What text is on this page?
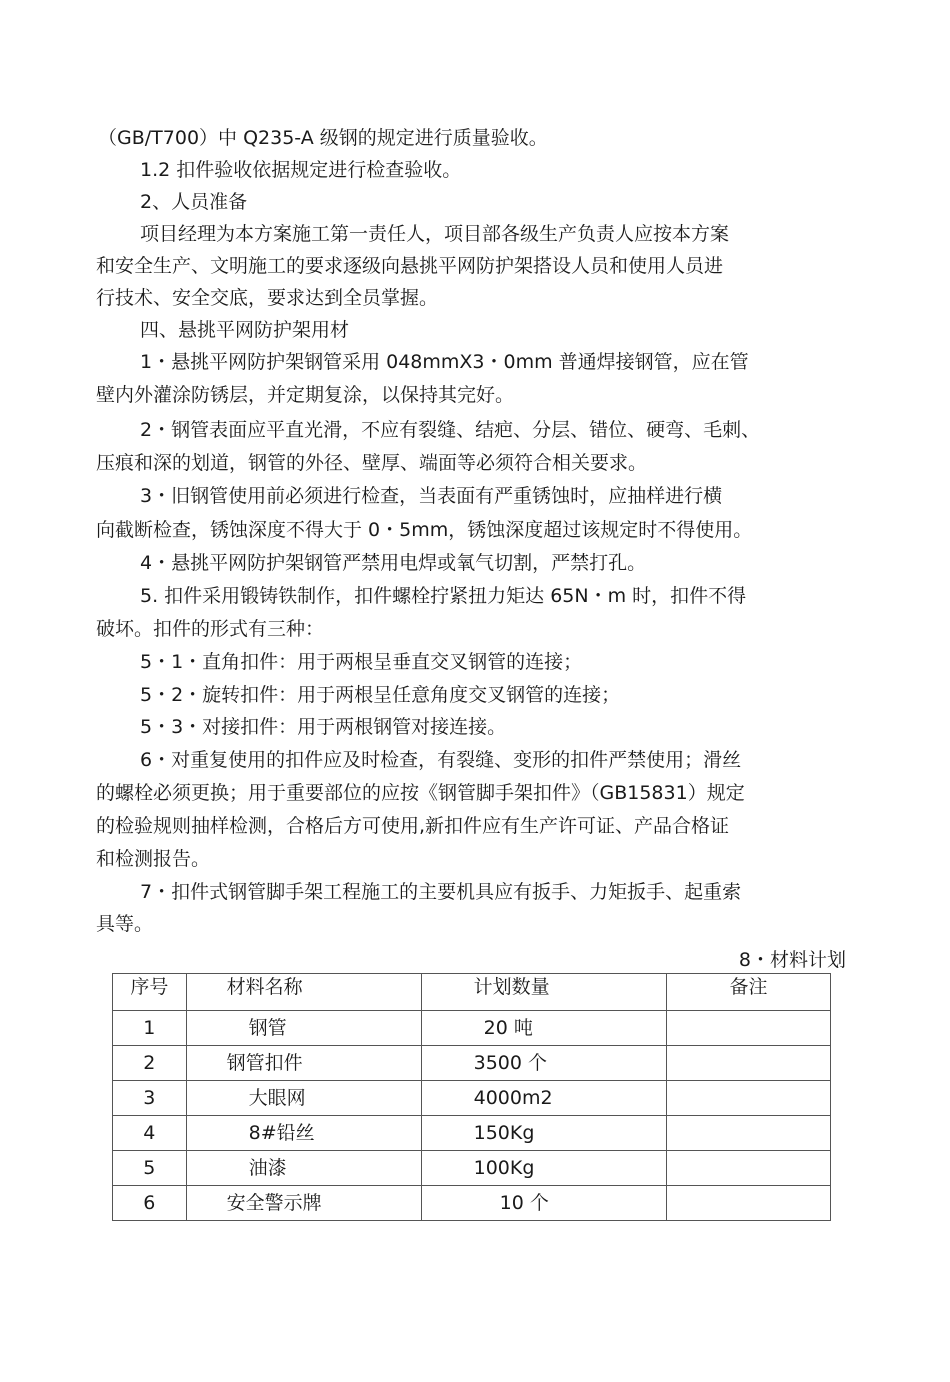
（GB/T700）中 Q235-A 级钢的规定进行质量验收。
1.2 扣件验收依据规定进行检查验收。
2、人员准备
项目经理为本方案施工第一责任人，项目部各级生产负责人应按本方案
和安全生产、文明施工的要求逐级向悬挑平网防护架搭设人员和使用人员进
行技术、安全交底，要求达到全员掌握。
四、悬挑平网防护架用材
1・悬挑平网防护架钢管采用 048mmX3・0mm 普通焊接钢管，应在管
壁内外灌涂防锈层，并定期复涂，以保持其完好。
2・钢管表面应平直光滑，不应有裂缝、结疤、分层、错位、硬弯、毛刺、
压痕和深的划道，钢管的外径、壁厚、端面等必须符合相关要求。
3・旧钢管使用前必须进行检查，当表面有严重锈蚀时，应抽样进行横
向截断检查，锈蚀深度不得大于 0・5mm，锈蚀深度超过该规定时不得使用。
4・悬挑平网防护架钢管严禁用电焊或氧气切割，严禁打孔。
5. 扣件采用锻铸铁制作，扣件螺栓拧紧扭力矩达 65N・m 时，扣件不得
破坏。扣件的形式有三种：
5・1・直角扣件：用于两根呈垂直交叉钢管的连接；
5・2・旋转扣件：用于两根呈任意角度交叉钢管的连接；
5・3・对接扣件：用于两根钢管对接连接。
6・对重复使用的扣件应及时检查，有裂缝、变形的扣件严禁使用；滑丝
的螺栓必须更换；用于重要部位的应按《钢管脚手架扣件》（GB15831）规定
的检验规则抽样检测，合格后方可使用,新扣件应有生产许可证、产品合格证
和检测报告。
7・扣件式钢管脚手架工程施工的主要机具应有扳手、力矩扳手、起重索
具等。
8・材料计划
序号	材料名称	计划数量	备注
1	钢管	20 吨	
2	钢管扣件	3500 个	
3	大眼网	4000m2	
4	8#铅丝	150Kg	
5	油漆	100Kg	
6	安全警示牌	10 个	
